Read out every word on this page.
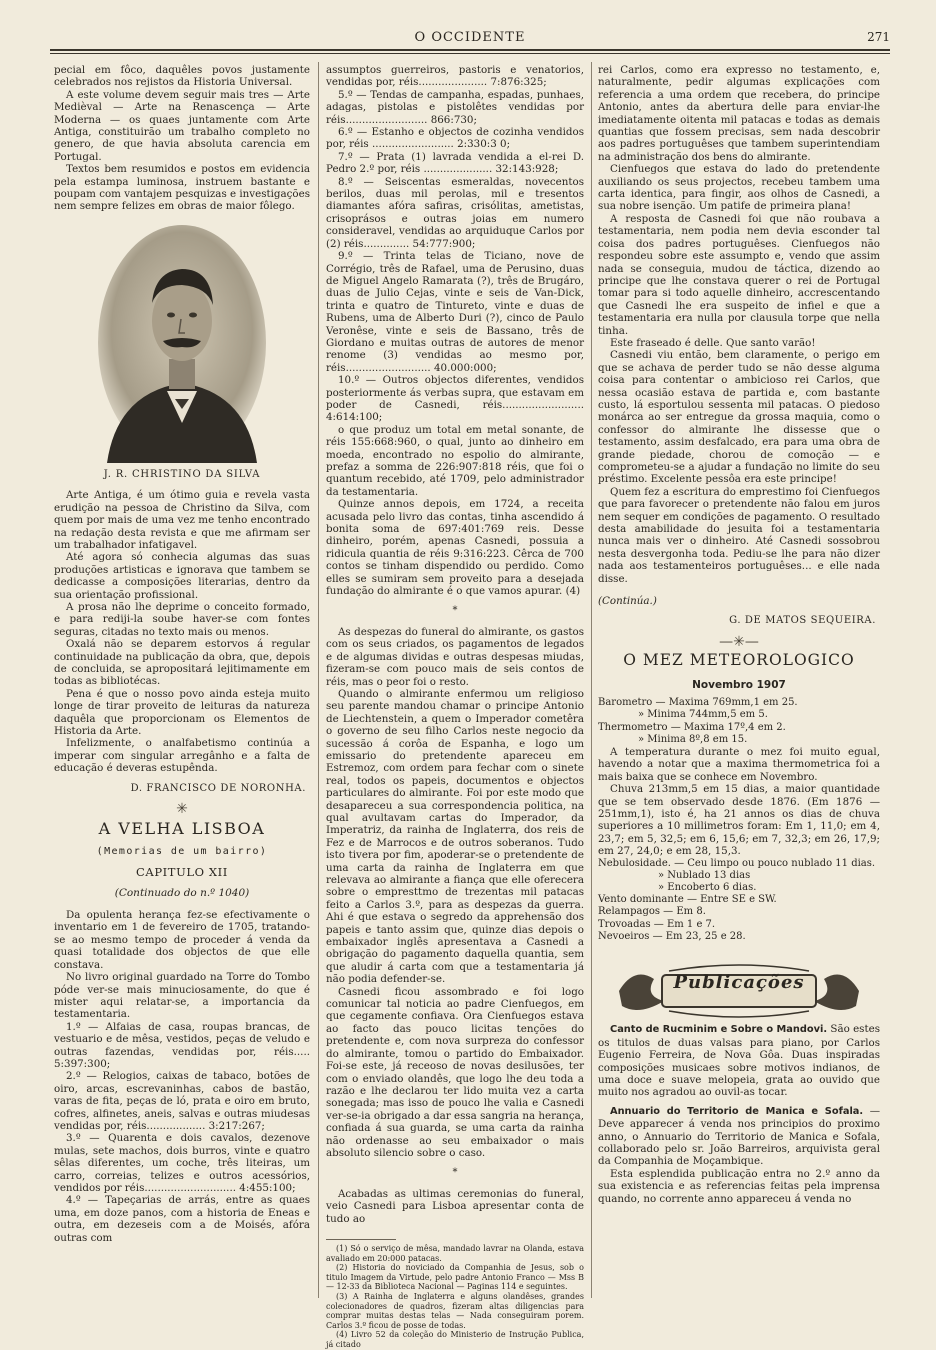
O OCCIDENTE	271

pecial em fôco, daquêles povos justamente celebrados nos rejistos da Historia Universal.

A este volume devem seguir mais tres — Arte Medièval — Arte na Renascença — Arte Moderna — os quaes juntamente com Arte Antiga, constituirão um trabalho completo no genero, de que havia absoluta carencia em Portugal.

Textos bem resumidos e postos em evidencia pela estampa luminosa, instruem bastante e poupam com vantajem pesquizas e investigações nem sempre felizes em obras de maior fôlego.

J. R. CHRISTINO DA SILVA

Arte Antiga, é um ótimo guia e revela vasta erudição na pessoa de Christino da Silva, com quem por mais de uma vez me tenho encontrado na redação desta revista e que me afirmam ser um trabalhador infatigavel.

Até agora só conhecia algumas das suas produções artisticas e ignorava que tambem se dedicasse a composições literarias, dentro da sua orientação profissional.

A prosa não lhe deprime o conceito formado, e para rediji-la soube haver-se com fontes seguras, citadas no texto mais ou menos.

Oxalá não se deparem estorvos á regular continuidade na publicação da obra, que, depois de concluida, se apropositará lejitimamente em todas as bibliotécas.

Pena é que o nosso povo ainda esteja muito longe de tirar proveito de leituras da natureza daquêla que proporcionam os Elementos de Historia da Arte.

Infelizmente, o analfabetismo continúa a imperar com singular arregânho e a falta de educação é deveras estupênda.

D. FRANCISCO DE NORONHA.
✳
A VELHA LISBOA
(Memorias de um bairro)
CAPITULO XII
(Continuado do n.º 1040)

Da opulenta herança fez-se efectivamente o inventario em 1 de fevereiro de 1705, tratando-se ao mesmo tempo de proceder á venda da quasi totalidade dos objectos de que elle constava.

No livro original guardado na Torre do Tombo póde ver-se mais minuciosamente, do que é mister aqui relatar-se, a importancia da testamentaria.

1.º — Alfaias de casa, roupas brancas, de vestuario e de mêsa, vestidos, peças de veludo e outras fazendas, vendidas por, réis..... 5:397:300;

2.º — Relogios, caixas de tabaco, botões de oiro, arcas, escrevaninhas, cabos de bastão, varas de fita, peças de ló, prata e oiro em bruto, cofres, alfinetes, aneis, salvas e outras miudesas vendidas por, réis.................. 3:217:267;

3.º — Quarenta e dois cavalos, dezenove mulas, sete machos, dois burros, vinte e quatro sêlas diferentes, um coche, três liteiras, um carro, correias, telizes e outros acessórios, vendidos por réis............................ 4:455:100;

4.º — Tapeçarias de arrás, entre as quaes uma, em doze panos, com a historia de Eneas e outra, em dezeseis com a de Moisés, afóra outras com

assumptos guerreiros, pastoris e venatorios, vendidas por, réis..................... 7:876:325;

5.º — Tendas de campanha, espadas, punhaes, adagas, pistolas e pistolêtes vendidas por réis......................... 866:730;

6.º — Estanho e objectos de cozinha vendidos por, réis ......................... 2:330:3 0;

7.º — Prata (1) lavrada vendida a el-rei D. Pedro 2.º por, réis ..................... 32:143:928;

8.º — Seiscentas esmeraldas, novecentos berilos, duas mil perolas, mil e tresentos diamantes afóra safiras, crisólitas, ametistas, crisoprásos e outras joias em numero consideravel, vendidas ao arquiduque Carlos por (2) réis.............. 54:777:900;

9.º — Trinta telas de Ticiano, nove de Corrégio, três de Rafael, uma de Perusino, duas de Miguel Angelo Ramarata (?), três de Brugáro, duas de Julio Cejas, vinte e seis de Van-Dick, trinta e quatro de Tintureto, vinte e duas de Rubens, uma de Alberto Duri (?), cinco de Paulo Veronêse, vinte e seis de Bassano, três de Giordano e muitas outras de autores de menor renome (3) vendidas ao mesmo por, réis.......................... 40.000:000;

10.º — Outros objectos diferentes, vendidos posteriormente ás verbas supra, que estavam em poder de Casnedi, réis......................... 4:614:100;

o que produz um total em metal sonante, de réis 155:668:960, o qual, junto ao dinheiro em moeda, encontrado no espolio do almirante, prefaz a somma de 226:907:818 réis, que foi o quantum recebido, até 1709, pelo administrador da testamentaria.

Quinze annos depois, em 1724, a receita acusada pelo livro das contas, tinha ascendido á bonita soma de 697:401:769 reis. Desse dinheiro, porém, apenas Casnedi, possuia a ridicula quantia de réis 9:316:223. Cêrca de 700 contos se tinham dispendido ou perdido. Como elles se sumiram sem proveito para a desejada fundação do almirante é o que vamos apurar. (4)

*

As despezas do funeral do almirante, os gastos com os seus criados, os pagamentos de legados e de algumas dividas e outras despesas miudas, fizeram-se com pouco mais de seis contos de réis, mas o peor foi o resto.

Quando o almirante enfermou um religioso seu parente mandou chamar o principe Antonio de Liechtenstein, a quem o Imperador cometêra o governo de seu filho Carlos neste negocio da sucessão á corôa de Espanha, e logo um emissario do pretendente apareceu em Estremoz, com ordem para fechar com o sinete real, todos os papeis, documentos e objectos particulares do almirante. Foi por este modo que desapareceu a sua correspondencia politica, na qual avultavam cartas do Imperador, da Imperatriz, da rainha de Inglaterra, dos reis de Fez e de Marrocos e de outros soberanos. Tudo isto tivera por fim, apoderar-se o pretendente de uma carta da rainha de Inglaterra em que relevava ao almirante a fiança que elle oferecera sobre o empresttmo de trezentas mil patacas feito a Carlos 3.º, para as despezas da guerra. Ahi é que estava o segredo da apprehensão dos papeis e tanto assim que, quinze dias depois o embaixador inglês apresentava a Casnedi a obrigação do pagamento daquella quantia, sem que aludir á carta com que a testamentaria já não podia defender-se.

Casnedi ficou assombrado e foi logo comunicar tal noticia ao padre Cienfuegos, em que cegamente confiava. Ora Cienfuegos estava ao facto das pouco licitas tenções do pretendente e, com nova surpreza do confessor do almirante, tomou o partido do Embaixador. Foi-se este, já receoso de novas desilusões, ter com o enviado olandês, que logo lhe deu toda a razão e lhe declarou ter lido muita vez a carta sonegada; mas isso de pouco lhe valia e Casnedi ver-se-ia obrigado a dar essa sangria na herança, confiada á sua guarda, se uma carta da rainha não ordenasse ao seu embaixador o mais absoluto silencio sobre o caso.

*

Acabadas as ultimas ceremonias do funeral, veio Casnedi para Lisboa apresentar conta de tudo ao

(1) Só o serviço de mêsa, mandado lavrar na Olanda, estava avaliado em 20:000 patacas.

(2) Historia do noviciado da Companhia de Jesus, sob o titulo Imagem da Virtude, pelo padre Antonio Franco — Mss B — 12-33 da Biblioteca Nacional — Paginas 114 e seguintes.

(3) A Rainha de Inglaterra e alguns olandêses, grandes colecionadores de quadros, fizeram altas diligencias para comprar muitas destas telas — Nada conseguiram porem. Carlos 3.º ficou de posse de todas.

(4) Livro 52 da coleção do Ministerio de Instrução Publica, já citado

rei Carlos, como era expresso no testamento, e, naturalmente, pedir algumas explicações com referencia a uma ordem que recebera, do principe Antonio, antes da abertura delle para enviar-lhe imediatamente oitenta mil patacas e todas as demais quantias que fossem precisas, sem nada descobrir aos padres portuguêses que tambem superintendiam na administração dos bens do almirante.

Cienfuegos que estava do lado do pretendente auxiliando os seus projectos, recebeu tambem uma carta identica, para fingir, aos olhos de Casnedi, a sua nobre isenção. Um patife de primeira plana!

A resposta de Casnedi foi que não roubava a testamentaria, nem podia nem devia esconder tal coisa dos padres portuguêses. Cienfuegos não respondeu sobre este assumpto e, vendo que assim nada se conseguia, mudou de táctica, dizendo ao principe que lhe constava querer o rei de Portugal tomar para si todo aquelle dinheiro, accrescentando que Casnedi lhe era suspeito de infiel e que a testamentaria era nulla por clausula torpe que nella tinha.

Este fraseado é delle. Que santo varão!

Casnedi viu então, bem claramente, o perigo em que se achava de perder tudo se não desse alguma coisa para contentar o ambicioso rei Carlos, que nessa ocasião estava de partida e, com bastante custo, lá esportulou sessenta mil patacas. O piedoso monárca ao ser entregue da grossa maquia, como o confessor do almirante lhe dissesse que o testamento, assim desfalcado, era para uma obra de grande piedade, chorou de comoção — e comprometeu-se a ajudar a fundação no limite do seu préstimo. Excelente pessôa era este principe!

Quem fez a escritura do emprestimo foi Cienfuegos que para favorecer o pretendente não falou em juros nem sequer em condições de pagamento. O resultado desta amabilidade do jesuita foi a testamentaria nunca mais ver o dinheiro. Até Casnedi sossobrou nesta desvergonha toda. Pediu-se lhe para não dizer nada aos testamenteiros portuguêses... e elle nada disse.

(Continúa.)
G. DE MATOS SEQUEIRA.
—✳—
O MEZ METEOROLOGICO
Novembro 1907
Barometro — Maxima 769mm,1 em 25.
» Minima 744mm,5 em 5.
Thermometro — Maxima 17º,4 em 2.
» Minima 8º,8 em 15.

A temperatura durante o mez foi muito egual, havendo a notar que a maxima thermometrica foi a mais baixa que se conhece em Novembro.

Chuva 213mm,5 em 15 dias, a maior quantidade que se tem observado desde 1876. (Em 1876 — 251mm,1), isto é, ha 21 annos os dias de chuva superiores a 10 millimetros foram: Em 1, 11,0; em 4, 23,7; em 5, 32,5; em 6, 15,6; em 7, 32,3; em 26, 17,9; em 27, 24,0; e em 28, 15,3.

Nebulosidade. — Ceu limpo ou pouco nublado 11 dias.
» Nublado 13 dias
» Encoberto 6 dias.
Vento dominante — Entre SE e SW.
Relampagos — Em 8.
Trovoadas — Em 1 e 7.
Nevoeiros — Em 23, 25 e 28.
Publicações

Canto de Rucminim e Sobre o Mandovi. São estes os titulos de duas valsas para piano, por Carlos Eugenio Ferreira, de Nova Gôa. Duas inspiradas composições musicaes sobre motivos indianos, de uma doce e suave melopeia, grata ao ouvido que muito nos agradou ao ouvil-as tocar.

Annuario do Territorio de Manica e Sofala. — Deve apparecer á venda nos principios do proximo anno, o Annuario do Territorio de Manica e Sofala, collaborado pelo sr. João Barreiros, arquivista geral da Companhia de Moçambique.

Esta esplendida publicação entra no 2.º anno da sua existencia e as referencias feitas pela imprensa quando, no corrente anno appareceu á venda no
